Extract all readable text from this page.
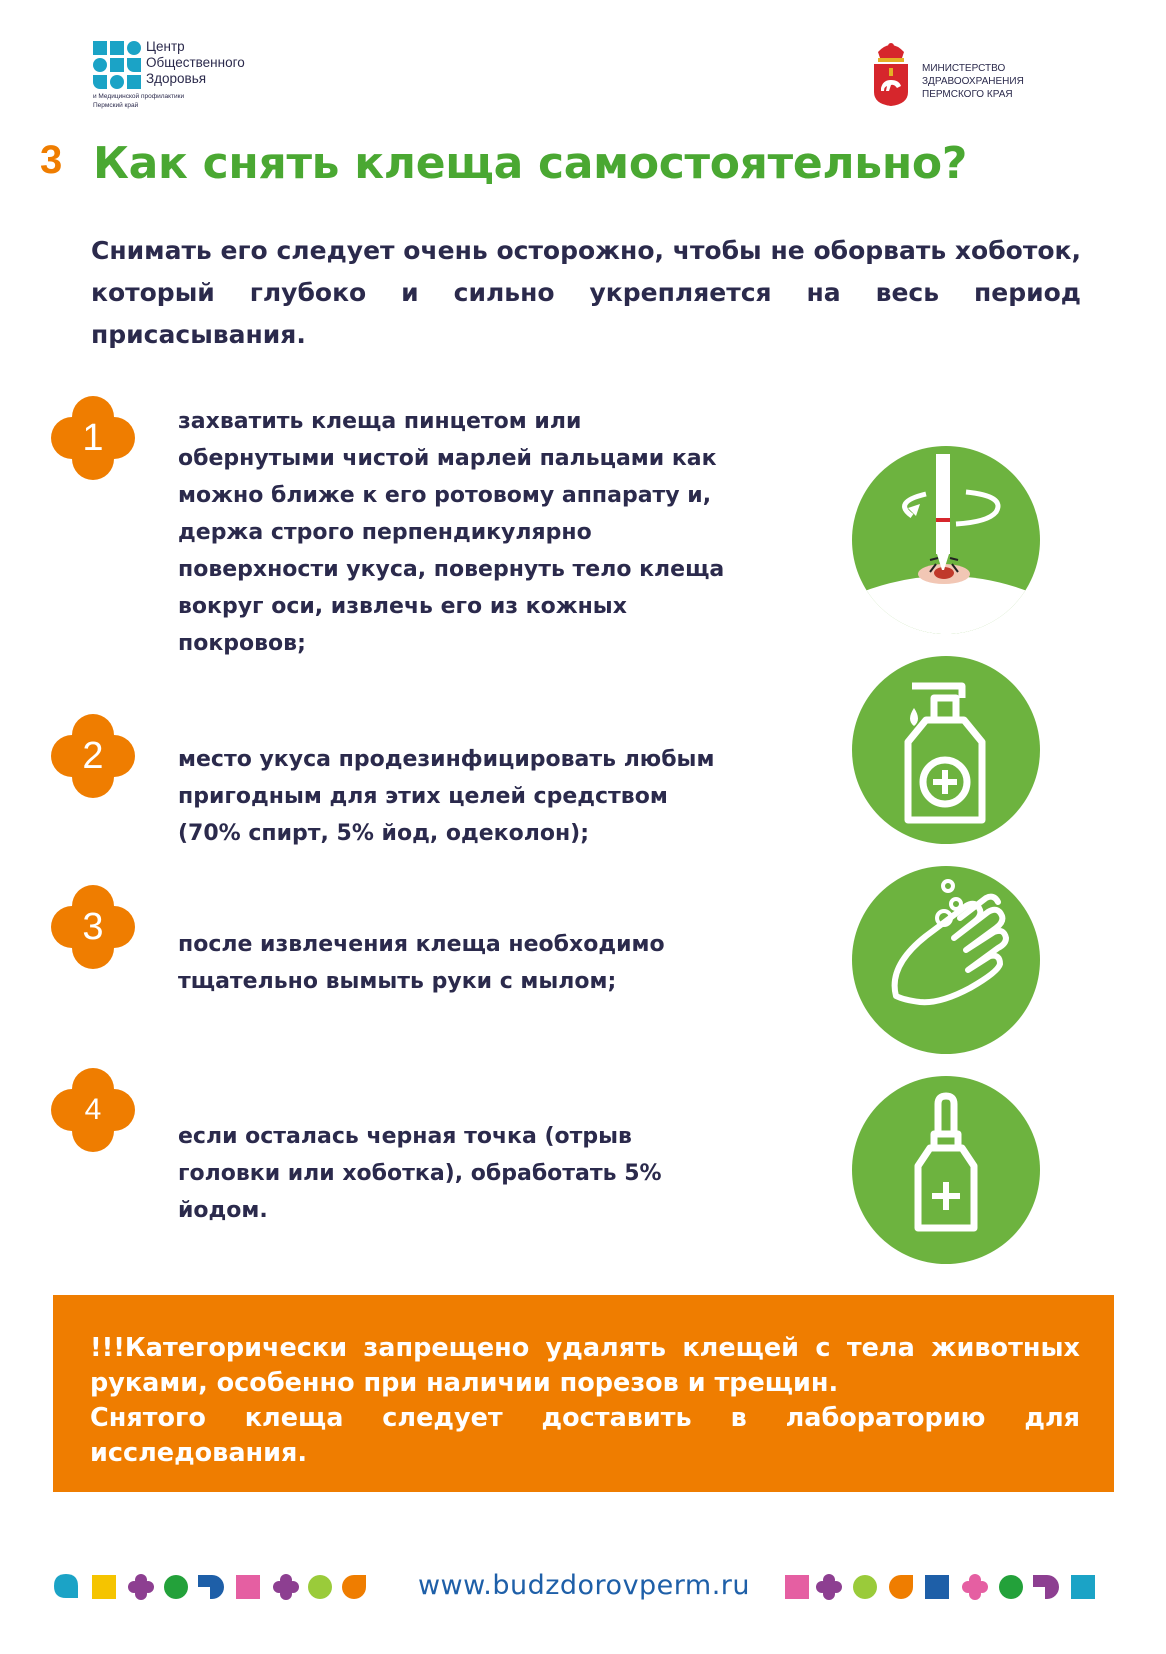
Центр
Общественного
Здоровья
и Медицинской профилактики
Пермский край
МИНИСТЕРСТВО
ЗДРАВООХРАНЕНИЯ
ПЕРМСКОГО КРАЯ
3 Как снять клеща самостоятельно?
Снимать его следует очень осторожно, чтобы не оборвать хоботок, который глубоко и сильно укрепляется на весь период присасывания.
1
2
3
4
захватить клеща пинцетом или обернутыми чистой марлей пальцами как можно ближе к его ротовому аппарату и, держа строго перпендикулярно поверхности укуса, повернуть тело клеща вокруг оси, извлечь его из кожных покровов;
место укуса продезинфицировать любым пригодным для этих целей средством (70% спирт, 5% йод, одеколон);
после извлечения клеща необходимо тщательно вымыть руки с мылом;
если осталась черная точка (отрыв головки или хоботка), обработать 5% йодом.

!!!Категорически запрещено удалять клещей с тела животных руками, особенно при наличии порезов и трещин.
Снятого клеща следует доставить в лабораторию для исследования.

www.budzdorovperm.ru
